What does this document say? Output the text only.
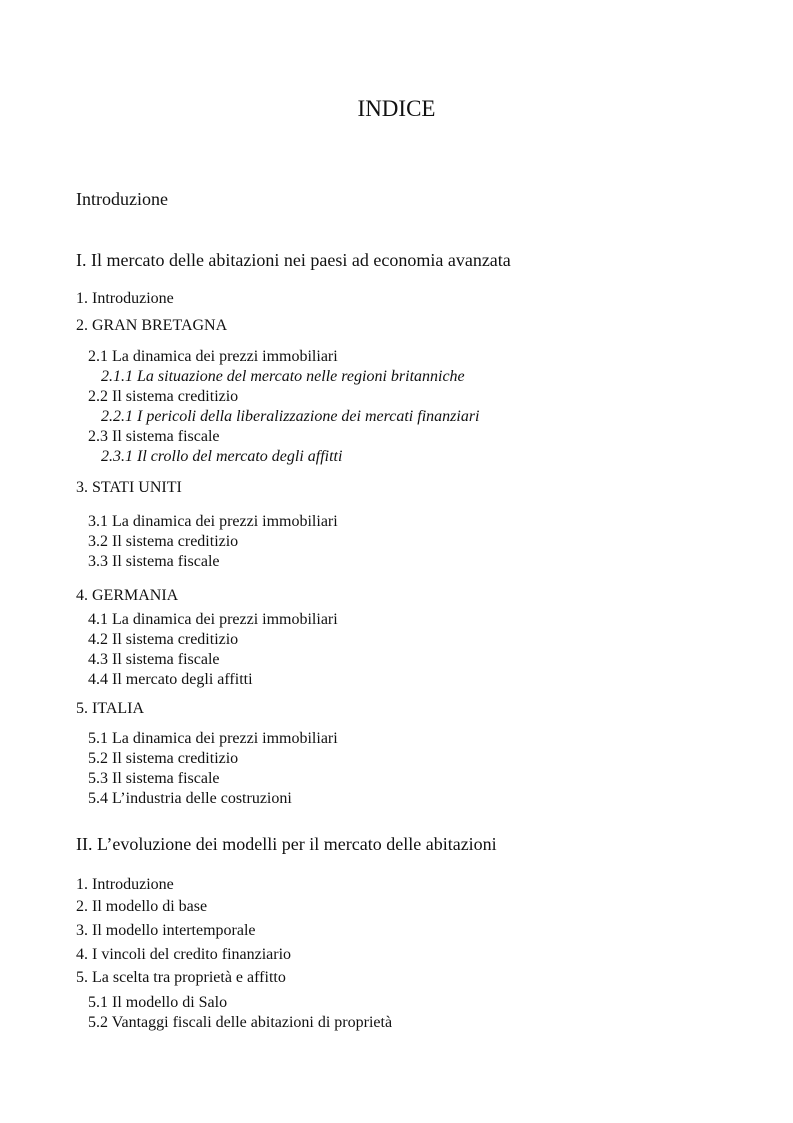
INDICE
Introduzione
I. Il mercato delle abitazioni nei paesi ad economia avanzata
1. Introduzione
2. GRAN BRETAGNA
2.1 La dinamica dei prezzi immobiliari
2.1.1 La situazione del mercato nelle regioni britanniche
2.2 Il sistema creditizio
2.2.1 I pericoli della liberalizzazione dei mercati finanziari
2.3 Il sistema fiscale
2.3.1 Il crollo del mercato degli affitti
3. STATI UNITI
3.1 La dinamica dei prezzi immobiliari
3.2 Il sistema creditizio
3.3 Il sistema fiscale
4. GERMANIA
4.1 La dinamica dei prezzi immobiliari
4.2 Il sistema creditizio
4.3 Il sistema fiscale
4.4 Il mercato degli affitti
5. ITALIA
5.1 La dinamica dei prezzi immobiliari
5.2 Il sistema creditizio
5.3 Il sistema fiscale
5.4 L’industria delle costruzioni
II. L’evoluzione dei modelli per il mercato delle abitazioni
1. Introduzione
2. Il modello di base
3. Il modello intertemporale
4. I vincoli del credito finanziario
5. La scelta tra proprietà e affitto
5.1 Il modello di Salo
5.2 Vantaggi fiscali delle abitazioni di proprietà
